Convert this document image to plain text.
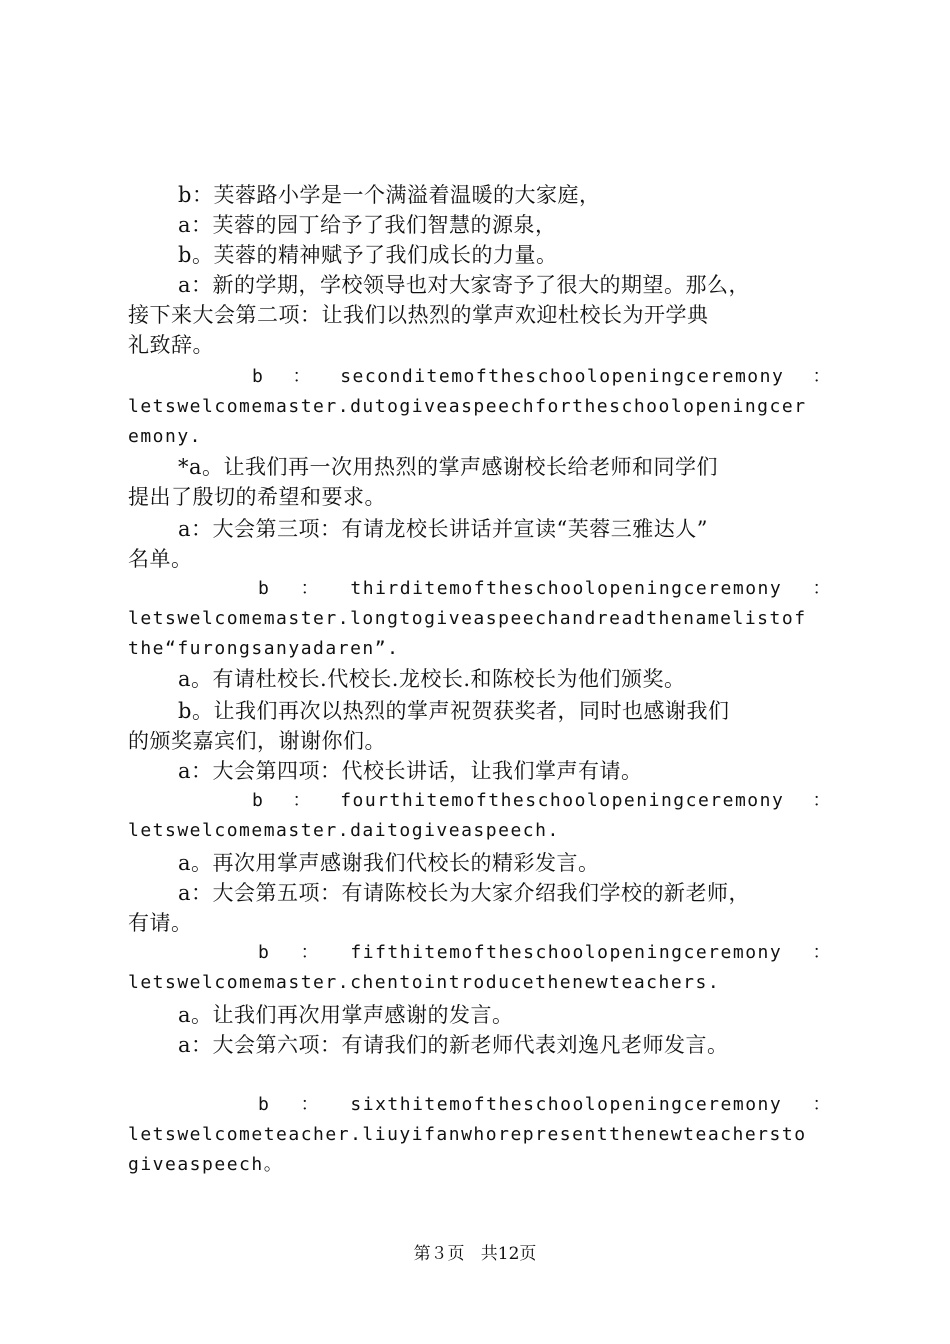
b：芙蓉路小学是一个满溢着温暖的大家庭，
a：芙蓉的园丁给予了我们智慧的源泉，
b。芙蓉的精神赋予了我们成长的力量。
a：新的学期，学校领导也对大家寄予了很大的期望。那么，
接下来大会第二项：让我们以热烈的掌声欢迎杜校长为开学典
礼致辞。
b ： seconditemoftheschoolopeningceremony ：
letswelcomemaster.dutogiveaspeechfortheschoolopeningcer
emony.
*a。让我们再一次用热烈的掌声感谢校长给老师和同学们
提出了殷切的希望和要求。
a：大会第三项：有请龙校长讲话并宣读“芙蓉三雅达人”
名单。
b ： thirditemoftheschoolopeningceremony ：
letswelcomemaster.longtogiveaspeechandreadthenamelistof
the“furongsanyadaren”.
a。有请杜校长.代校长.龙校长.和陈校长为他们颁奖。
b。让我们再次以热烈的掌声祝贺获奖者，同时也感谢我们
的颁奖嘉宾们，谢谢你们。
a：大会第四项：代校长讲话，让我们掌声有请。
b ： fourthitemoftheschoolopeningceremony ：
letswelcomemaster.daitogiveaspeech.
a。再次用掌声感谢我们代校长的精彩发言。
a：大会第五项：有请陈校长为大家介绍我们学校的新老师，
有请。
b ： fifthitemoftheschoolopeningceremony ：
letswelcomemaster.chentointroducethenewteachers.
a。让我们再次用掌声感谢的发言。
a：大会第六项：有请我们的新老师代表刘逸凡老师发言。
b ： sixthitemoftheschoolopeningceremony ：
letswelcometeacher.liuyifanwhorepresentthenewteachersto
giveaspeech。
第３页 共12页
